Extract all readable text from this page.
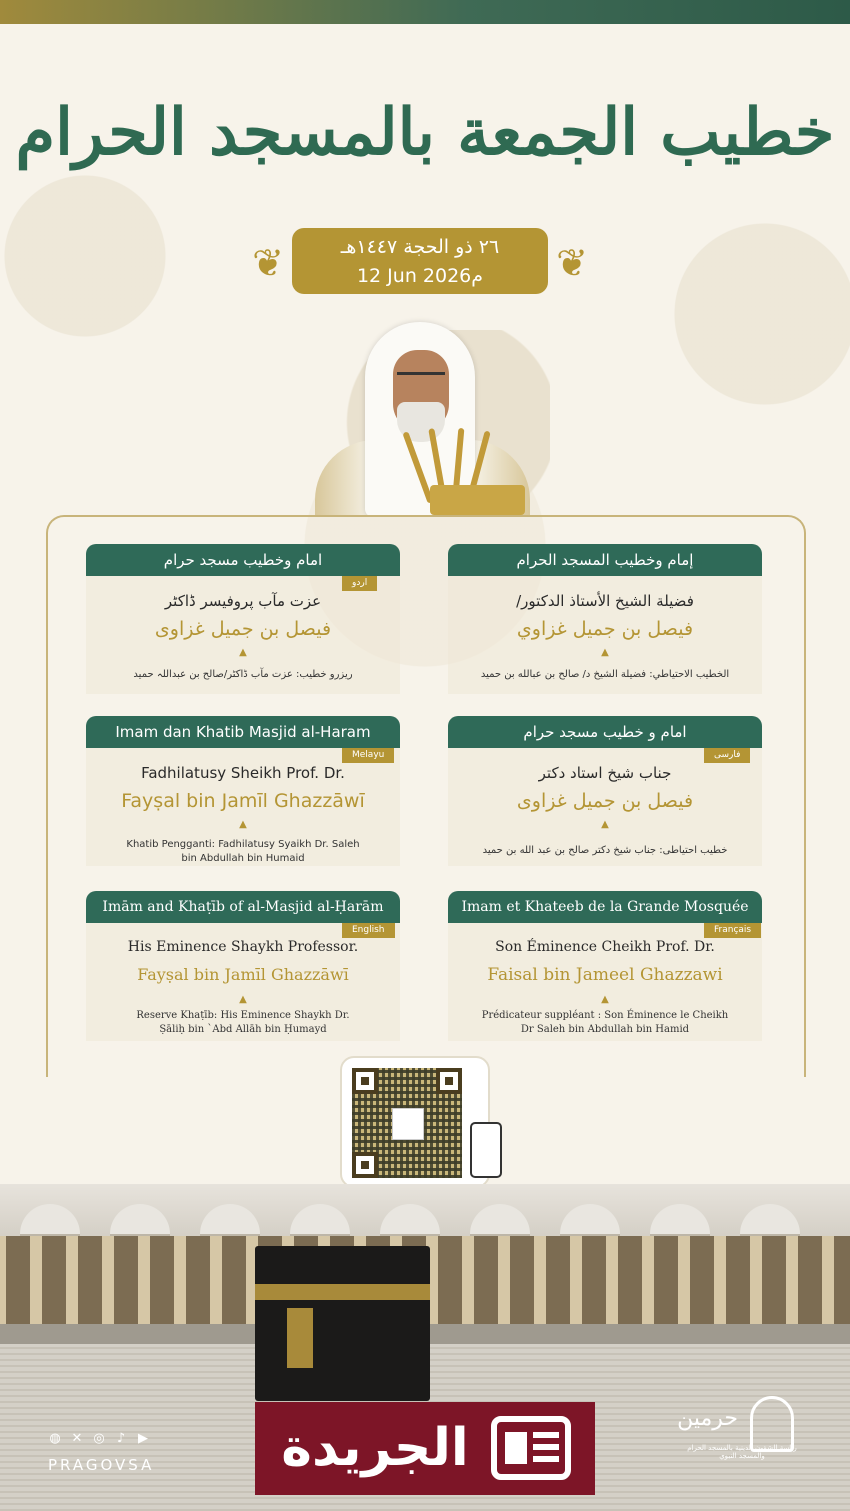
خطيب الجمعة بالمسجد الحرام
❦	٢٦ ذو الحجة ١٤٤٧هـ
12 Jun 2026م	❦
إمام وخطيب المسجد الحرام
فضيلة الشيخ الأستاذ الدكتور/
فيصل بن جميل غزاوي
▲
الخطيب الاحتياطي: فضيلة الشيخ د/ صالح بن عبالله بن حميد
امام وخطیب مسجد حرام
اردو
عزت مآب پروفیسر ڈاکٹر
فیصل بن جمیل غزاوی
▲
ریزرو خطیب: عزت مآب ڈاکٹر/صالح بن عبداللہ حمید
امام و خطیب مسجد حرام
فارسی
جناب شیخ استاد دکتر
فیصل بن جمیل غزاوی
▲
خطیب احتیاطی: جناب شیخ دکتر صالح بن عبد الله بن حمید
Imam dan Khatib Masjid al-Haram
Melayu
Fadhilatusy Sheikh Prof. Dr.
Fayṣal bin Jamīl Ghazzāwī
▲
Khatib Pengganti: Fadhilatusy Syaikh Dr. Saleh bin Abdullah bin Humaid
Imam et Khateeb de la Grande Mosquée
Français
Son Éminence Cheikh Prof. Dr.
Faisal bin Jameel Ghazzawi
▲
Prédicateur suppléant : Son Éminence le Cheikh Dr Saleh bin Abdullah bin Hamid
Imām and Khaṭīb of al-Masjid al-Ḥarām
English
His Eminence Shaykh Professor.
Fayṣal bin Jamīl Ghazzāwī
▲
Reserve Khaṭīb: His Eminence Shaykh Dr. Ṣāliḥ bin `Abd Allāh bin Ḥumayd
◍ ✕ ◎ ♪ ▶
PRAGOVSA الجريدة	حرمين
رئاسة الشؤون الدينية بالمسجد الحرام والمسجد النبوي
